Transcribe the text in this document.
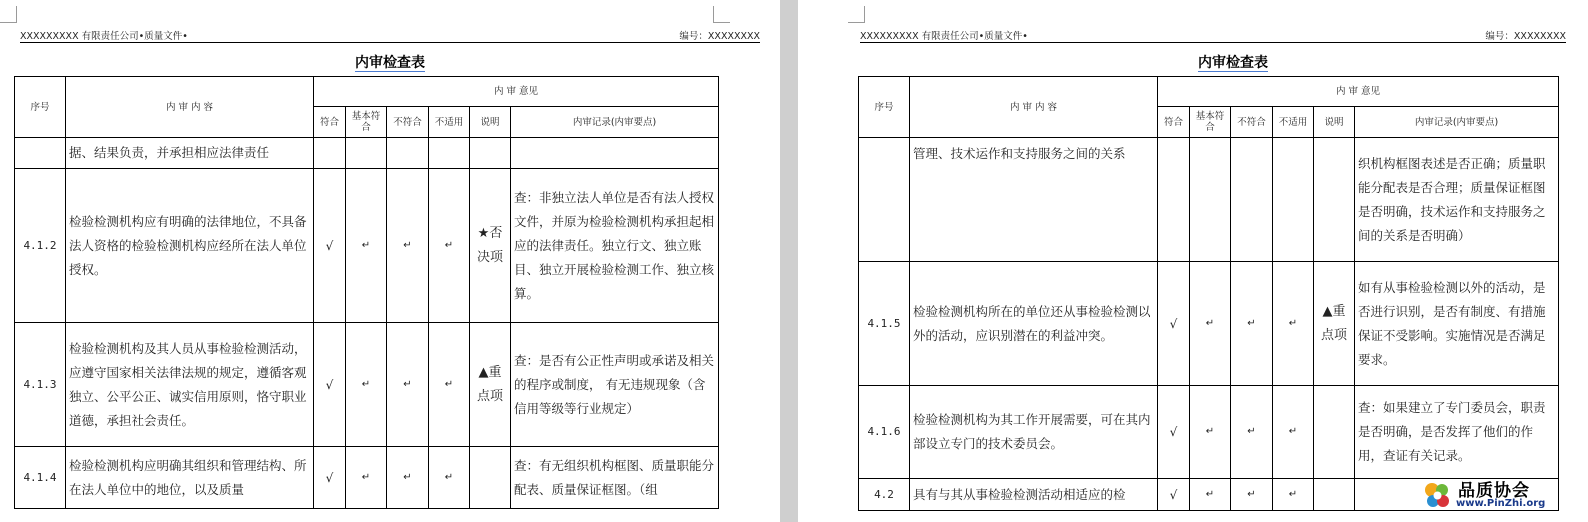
XXXXXXXXX 有限责任公司•质量文件•	编号：XXXXXXXX
内审检查表
序号	内 审 内 容	内 审 意见					
		符合	基本符合	不符合	不适用	说明	内审记录(内审要点)
	据、结果负责，并承担相应法律责任						
4.1.2	检验检测机构应有明确的法律地位，不具备法人资格的检验检测机构应经所在法人单位授权。	√	↵	↵	↵	★否决项	查：非独立法人单位是否有法人授权文件，并原为检验检测机构承担起相应的法律责任。独立行文、独立账目、独立开展检验检测工作、独立核算。
4.1.3	检验检测机构及其人员从事检验检测活动，应遵守国家相关法律法规的规定，遵循客观独立、公平公正、诚实信用原则，恪守职业道德，承担社会责任。	√	↵	↵	↵	▲重点项	查：是否有公正性声明或承诺及相关的程序或制度， 有无违规现象（含信用等级等行业规定）
4.1.4	检验检测机构应明确其组织和管理结构、所在法人单位中的地位，以及质量	√	↵	↵	↵		查：有无组织机构框图、质量职能分配表、质量保证框图。（组
XXXXXXXXX 有限责任公司•质量文件•	编号：XXXXXXXX
内审检查表
序号	内 审 内 容	内 审 意见					
		符合	基本符合	不符合	不适用	说明	内审记录(内审要点)
	管理、技术运作和支持服务之间的关系						织机构框图表述是否正确；质量职能分配表是否合理；质量保证框图是否明确，技术运作和支持服务之间的关系是否明确）
4.1.5	检验检测机构所在的单位还从事检验检测以外的活动，应识别潜在的利益冲突。	√	↵	↵	↵	▲重点项	如有从事检验检测以外的活动，是否进行识别，是否有制度、有措施保证不受影响。实施情况是否满足要求。
4.1.6	检验检测机构为其工作开展需要，可在其内部设立专门的技术委员会。	√	↵	↵	↵		查：如果建立了专门委员会，职责是否明确，是否发挥了他们的作用，查证有关记录。
4.2	具有与其从事检验检测活动相适应的检	√	↵	↵	↵			品质协会
www.PinZhi.org
